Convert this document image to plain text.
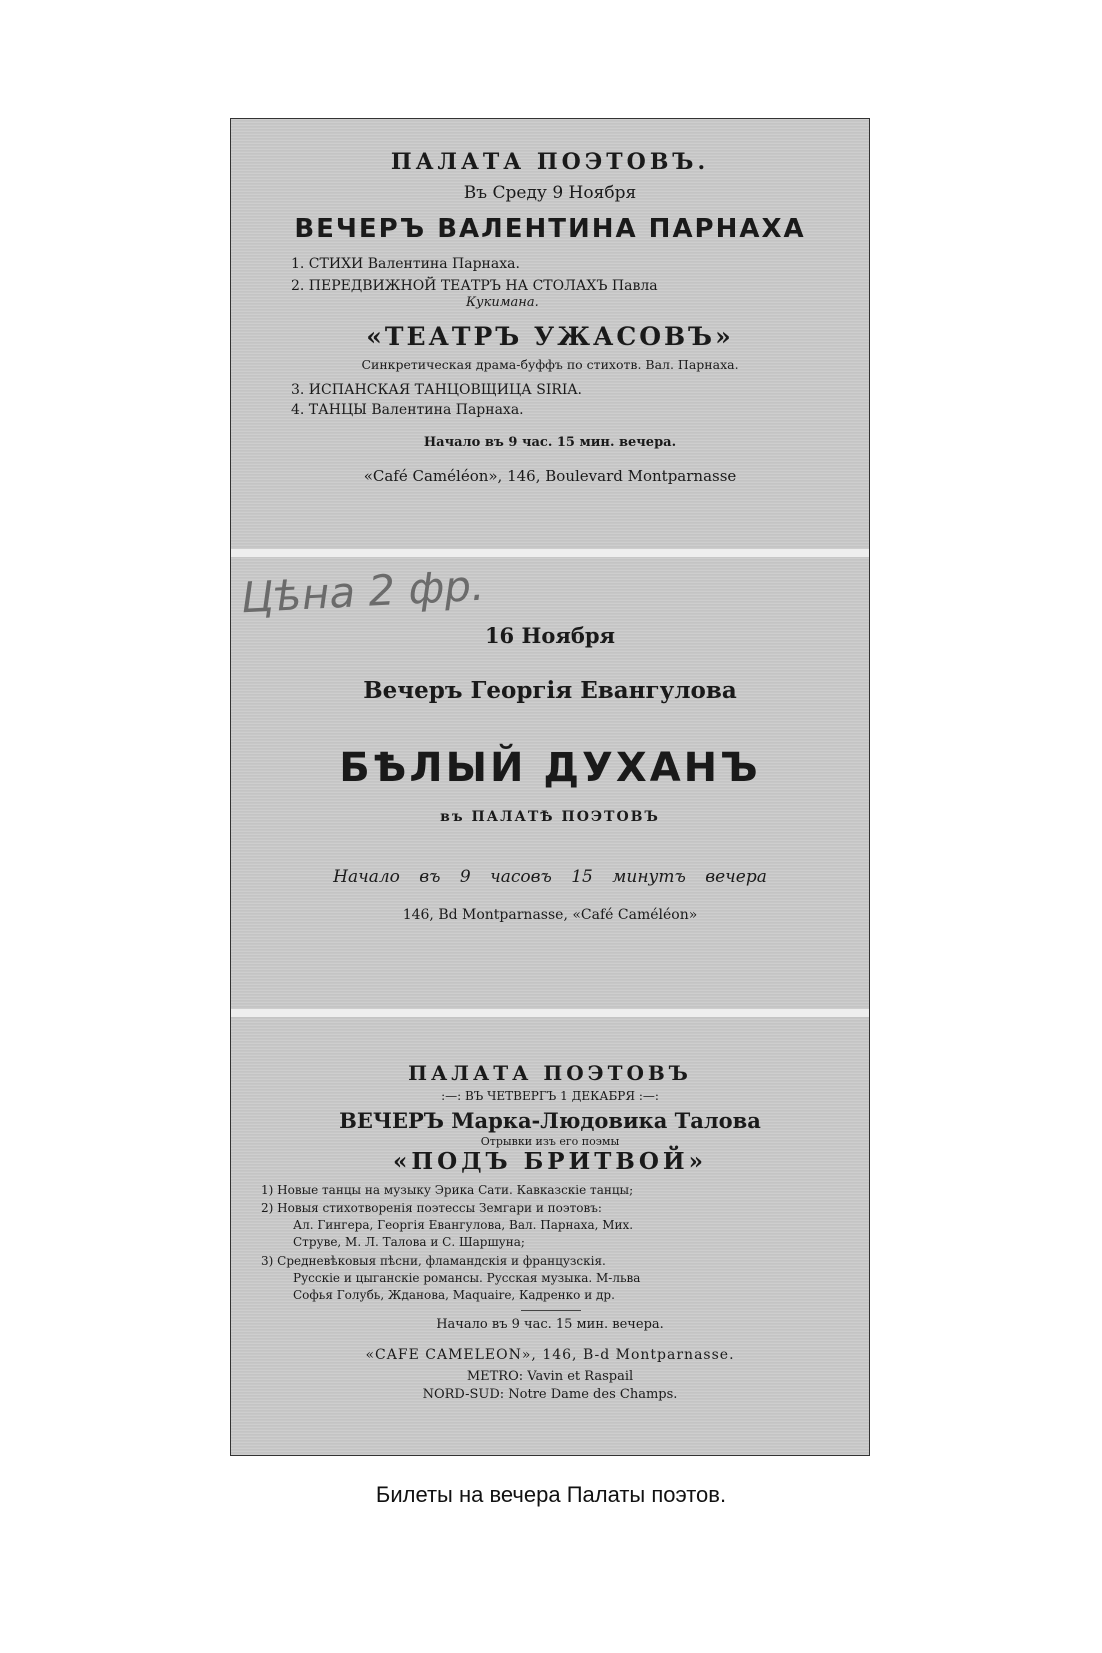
ПАЛАТА ПОЭТОВЪ.
Въ Среду 9 Ноября
ВЕЧЕРЪ ВАЛЕНТИНА ПАРНАХА
1. СТИХИ Валентина Парнаха.
2. ПЕРЕДВИЖНОЙ ТЕАТРЪ НА СТОЛАХЪ Павла
Кукимана.
«ТЕАТРЪ УЖАСОВЪ»
Синкретическая драма-буффъ по стихотв. Вал. Парнаха.
3. ИСПАНСКАЯ ТАНЦОВЩИЦА SIRIA.
4. ТАНЦЫ Валентина Парнаха.
Начало въ 9 час. 15 мин. вечера.
«Café Caméléon», 146, Boulevard Montparnasse
Цѣна 2 фр.
16 Ноября
Вечеръ Георгія Евангулова
БѢЛЫЙ ДУХАНЪ
въ ПАЛАТѢ ПОЭТОВЪ
Начало въ 9 часовъ 15 минутъ вечера
146, Bd Montparnasse, «Café Caméléon»
ПАЛАТА ПОЭТОВЪ
:—: ВЪ ЧЕТВЕРГЪ 1 ДЕКАБРЯ :—:
ВЕЧЕРЪ Марка-Людовика Талова
Отрывки изъ его поэмы
«ПОДЪ БРИТВОЙ»
1) Новые танцы на музыку Эрика Сати. Кавказскіе танцы;
2) Новыя стихотворенія поэтессы Земгари и поэтовъ:
Ал. Гингера, Георгія Евангулова, Вал. Парнаха, Мих.
Струве, М. Л. Талова и С. Шаршуна;
3) Средневѣковыя пѣсни, фламандскія и французскія.
Русскіе и цыганскіе романсы. Русская музыка. М-льва
Софья Голубь, Жданова, Maquaire, Кадренко и др.
Начало въ 9 час. 15 мин. вечера.
«CAFE CAMELEON», 146, B-d Montparnasse.
METRO: Vavin et Raspail
NORD-SUD: Notre Dame des Champs.
Билеты на вечера Палаты поэтов.
